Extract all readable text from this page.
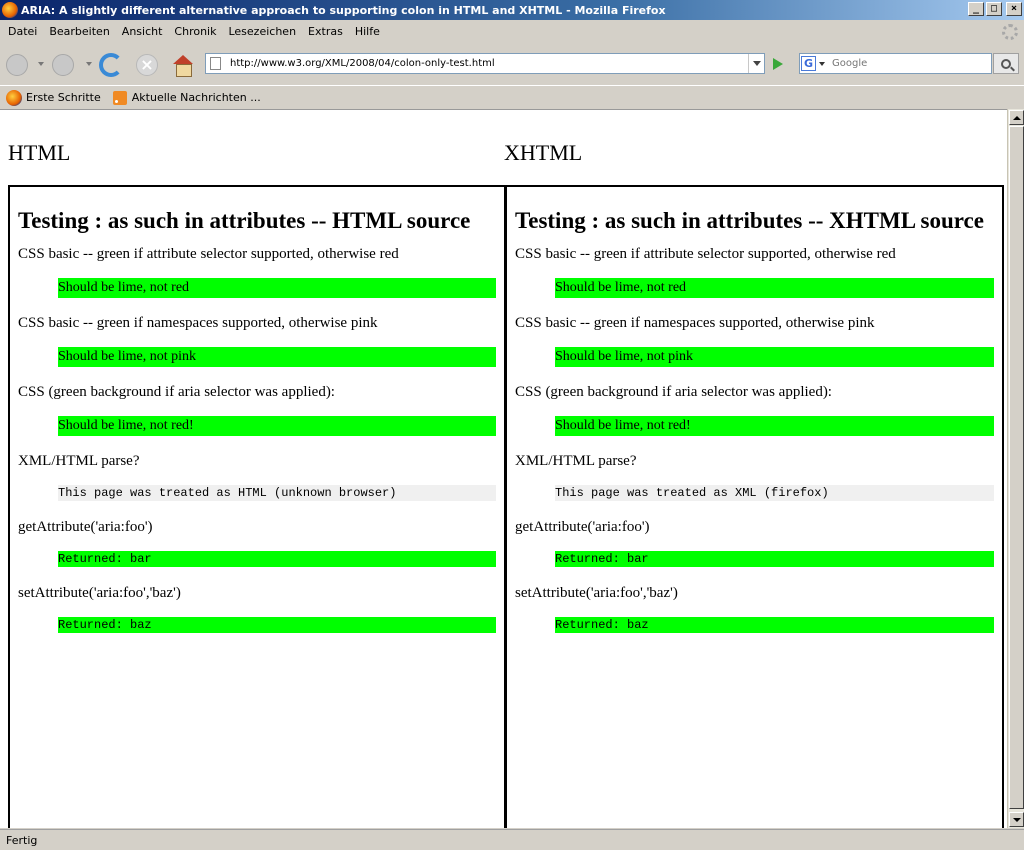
ARIA: A slightly different alternative approach to supporting colon in HTML and XHTML - Mozilla Firefox	_	□	×
Datei	Bearbeiten	Ansicht	Chronik	Lesezeichen	Extras	Hilfe
×
http://www.w3.org/XML/2008/04/colon-only-test.html	G
Google
Erste Schritte	Aktuelle Nachrichten ...
HTML	XHTML
Testing : as such in attributes -- HTML source
CSS basic -- green if attribute selector supported, otherwise red
Should be lime, not red
CSS basic -- green if namespaces supported, otherwise pink
Should be lime, not pink
CSS (green background if aria selector was applied):
Should be lime, not red!
XML/HTML parse?
This page was treated as HTML (unknown browser)
getAttribute('aria:foo')
Returned: bar
setAttribute('aria:foo','baz')
Returned: baz
Testing : as such in attributes -- XHTML source
CSS basic -- green if attribute selector supported, otherwise red
Should be lime, not red
CSS basic -- green if namespaces supported, otherwise pink
Should be lime, not pink
CSS (green background if aria selector was applied):
Should be lime, not red!
XML/HTML parse?
This page was treated as XML (firefox)
getAttribute('aria:foo')
Returned: bar
setAttribute('aria:foo','baz')
Returned: baz
Fertig
